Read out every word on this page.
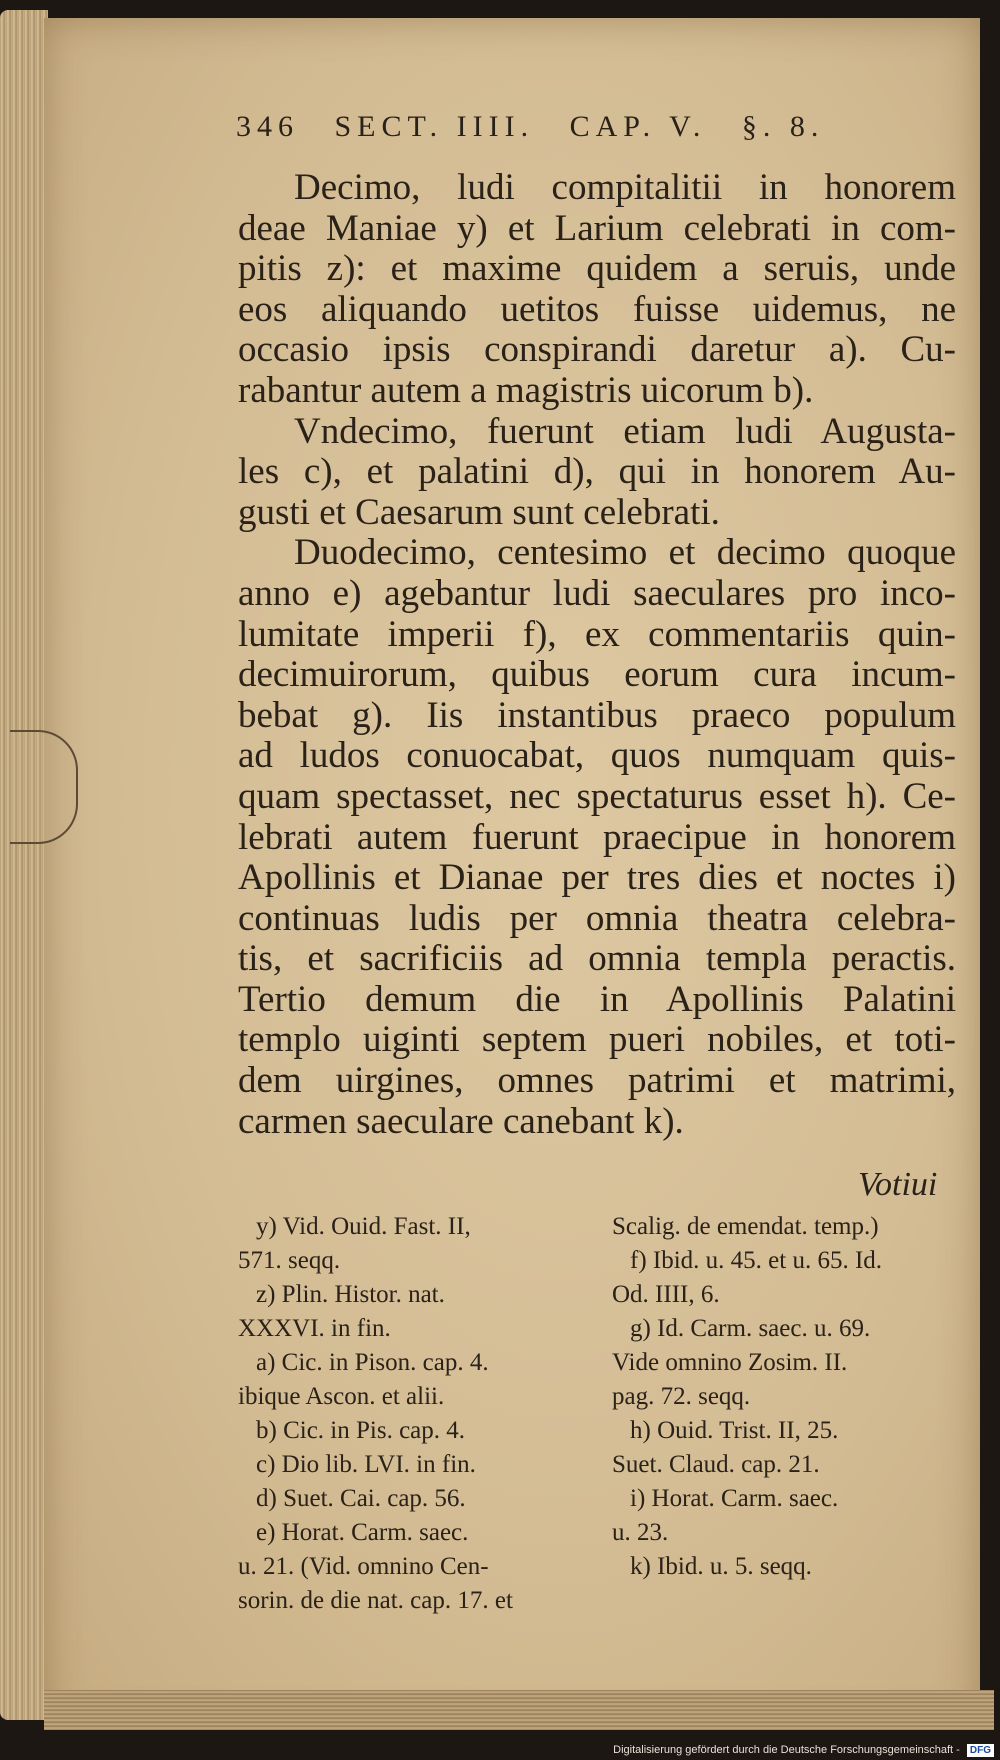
346 SECT. IIII. CAP. V. §. 8.
Decimo, ludi compitalitii in honorem
deae Maniae y) et Larium celebrati in com-
pitis z): et maxime quidem a seruis, unde
eos aliquando uetitos fuisse uidemus, ne
occasio ipsis conspirandi daretur a). Cu-
rabantur autem a magistris uicorum b).
Vndecimo, fuerunt etiam ludi Augusta-
les c), et palatini d), qui in honorem Au-
gusti et Caesarum sunt celebrati.
Duodecimo, centesimo et decimo quoque
anno e) agebantur ludi saeculares pro inco-
lumitate imperii f), ex commentariis quin-
decimuirorum, quibus eorum cura incum-
bebat g). Iis instantibus praeco populum
ad ludos conuocabat, quos numquam quis-
quam spectasset, nec spectaturus esset h). Ce-
lebrati autem fuerunt praecipue in honorem
Apollinis et Dianae per tres dies et noctes i)
continuas ludis per omnia theatra celebra-
tis, et sacrificiis ad omnia templa peractis.
Tertio demum die in Apollinis Palatini
templo uiginti septem pueri nobiles, et toti-
dem uirgines, omnes patrimi et matrimi,
carmen saeculare canebant k).
Votiui
y) Vid. Ouid. Fast. II,
571. seqq.
z) Plin. Histor. nat.
XXXVI. in fin.
a) Cic. in Pison. cap. 4.
ibique Ascon. et alii.
b) Cic. in Pis. cap. 4.
c) Dio lib. LVI. in fin.
d) Suet. Cai. cap. 56.
e) Horat. Carm. saec.
u. 21. (Vid. omnino Cen-
sorin. de die nat. cap. 17. et
Scalig. de emendat. temp.)
f) Ibid. u. 45. et u. 65. Id.
Od. IIII, 6.
g) Id. Carm. saec. u. 69.
Vide omnino Zosim. II.
pag. 72. seqq.
h) Ouid. Trist. II, 25.
Suet. Claud. cap. 21.
i) Horat. Carm. saec.
u. 23.
k) Ibid. u. 5. seqq.
Digitalisierung gefördert durch die Deutsche Forschungsgemeinschaft - DFG
